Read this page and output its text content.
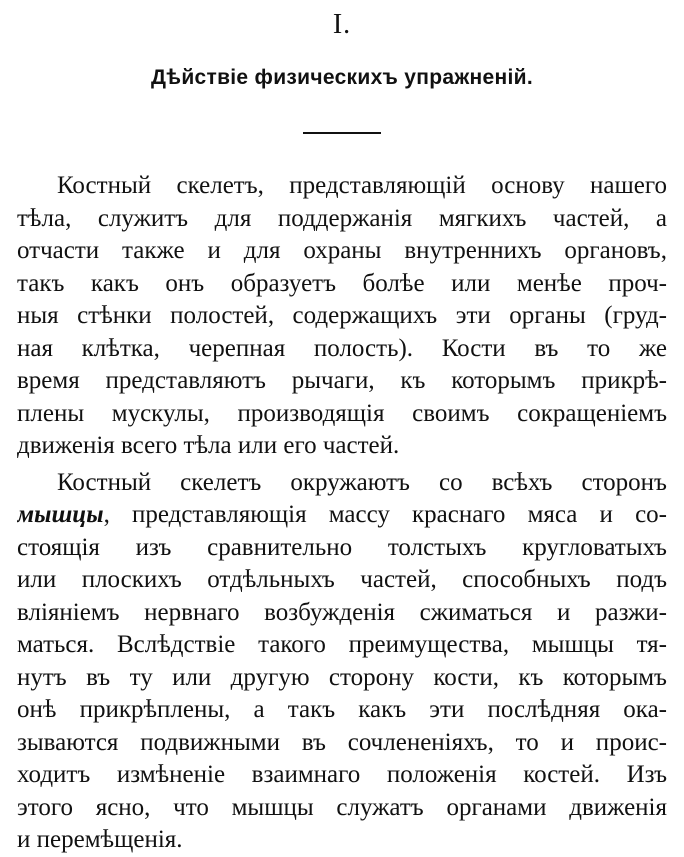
I.
Дѣйствіе физическихъ упражненій.
Костный скелетъ, представляющій основу нашего
тѣла, служитъ для поддержанія мягкихъ частей, а
отчасти также и для охраны внутреннихъ органовъ,
такъ какъ онъ образуетъ болѣе или менѣе проч-
ныя стѣнки полостей, содержащихъ эти органы (груд-
ная клѣтка, черепная полость). Кости въ то же
время представляютъ рычаги, къ которымъ прикрѣ-
плены мускулы, производящія своимъ сокращеніемъ
движенія всего тѣла или его частей.
Костный скелетъ окружаютъ со всѣхъ сторонъ
мышцы, представляющія массу краснаго мяса и со-
стоящія изъ сравнительно толстыхъ кругловатыхъ
или плоскихъ отдѣльныхъ частей, способныхъ подъ
вліяніемъ нервнаго возбужденія сжиматься и разжи-
маться. Вслѣдствіе такого преимущества, мышцы тя-
нутъ въ ту или другую сторону кости, къ которымъ
онѣ прикрѣплены, а такъ какъ эти послѣдняя ока-
зываются подвижными въ сочлененіяхъ, то и проис-
ходитъ измѣненіе взаимнаго положенія костей. Изъ
этого ясно, что мышцы служатъ органами движенія
и перемѣщенія.
